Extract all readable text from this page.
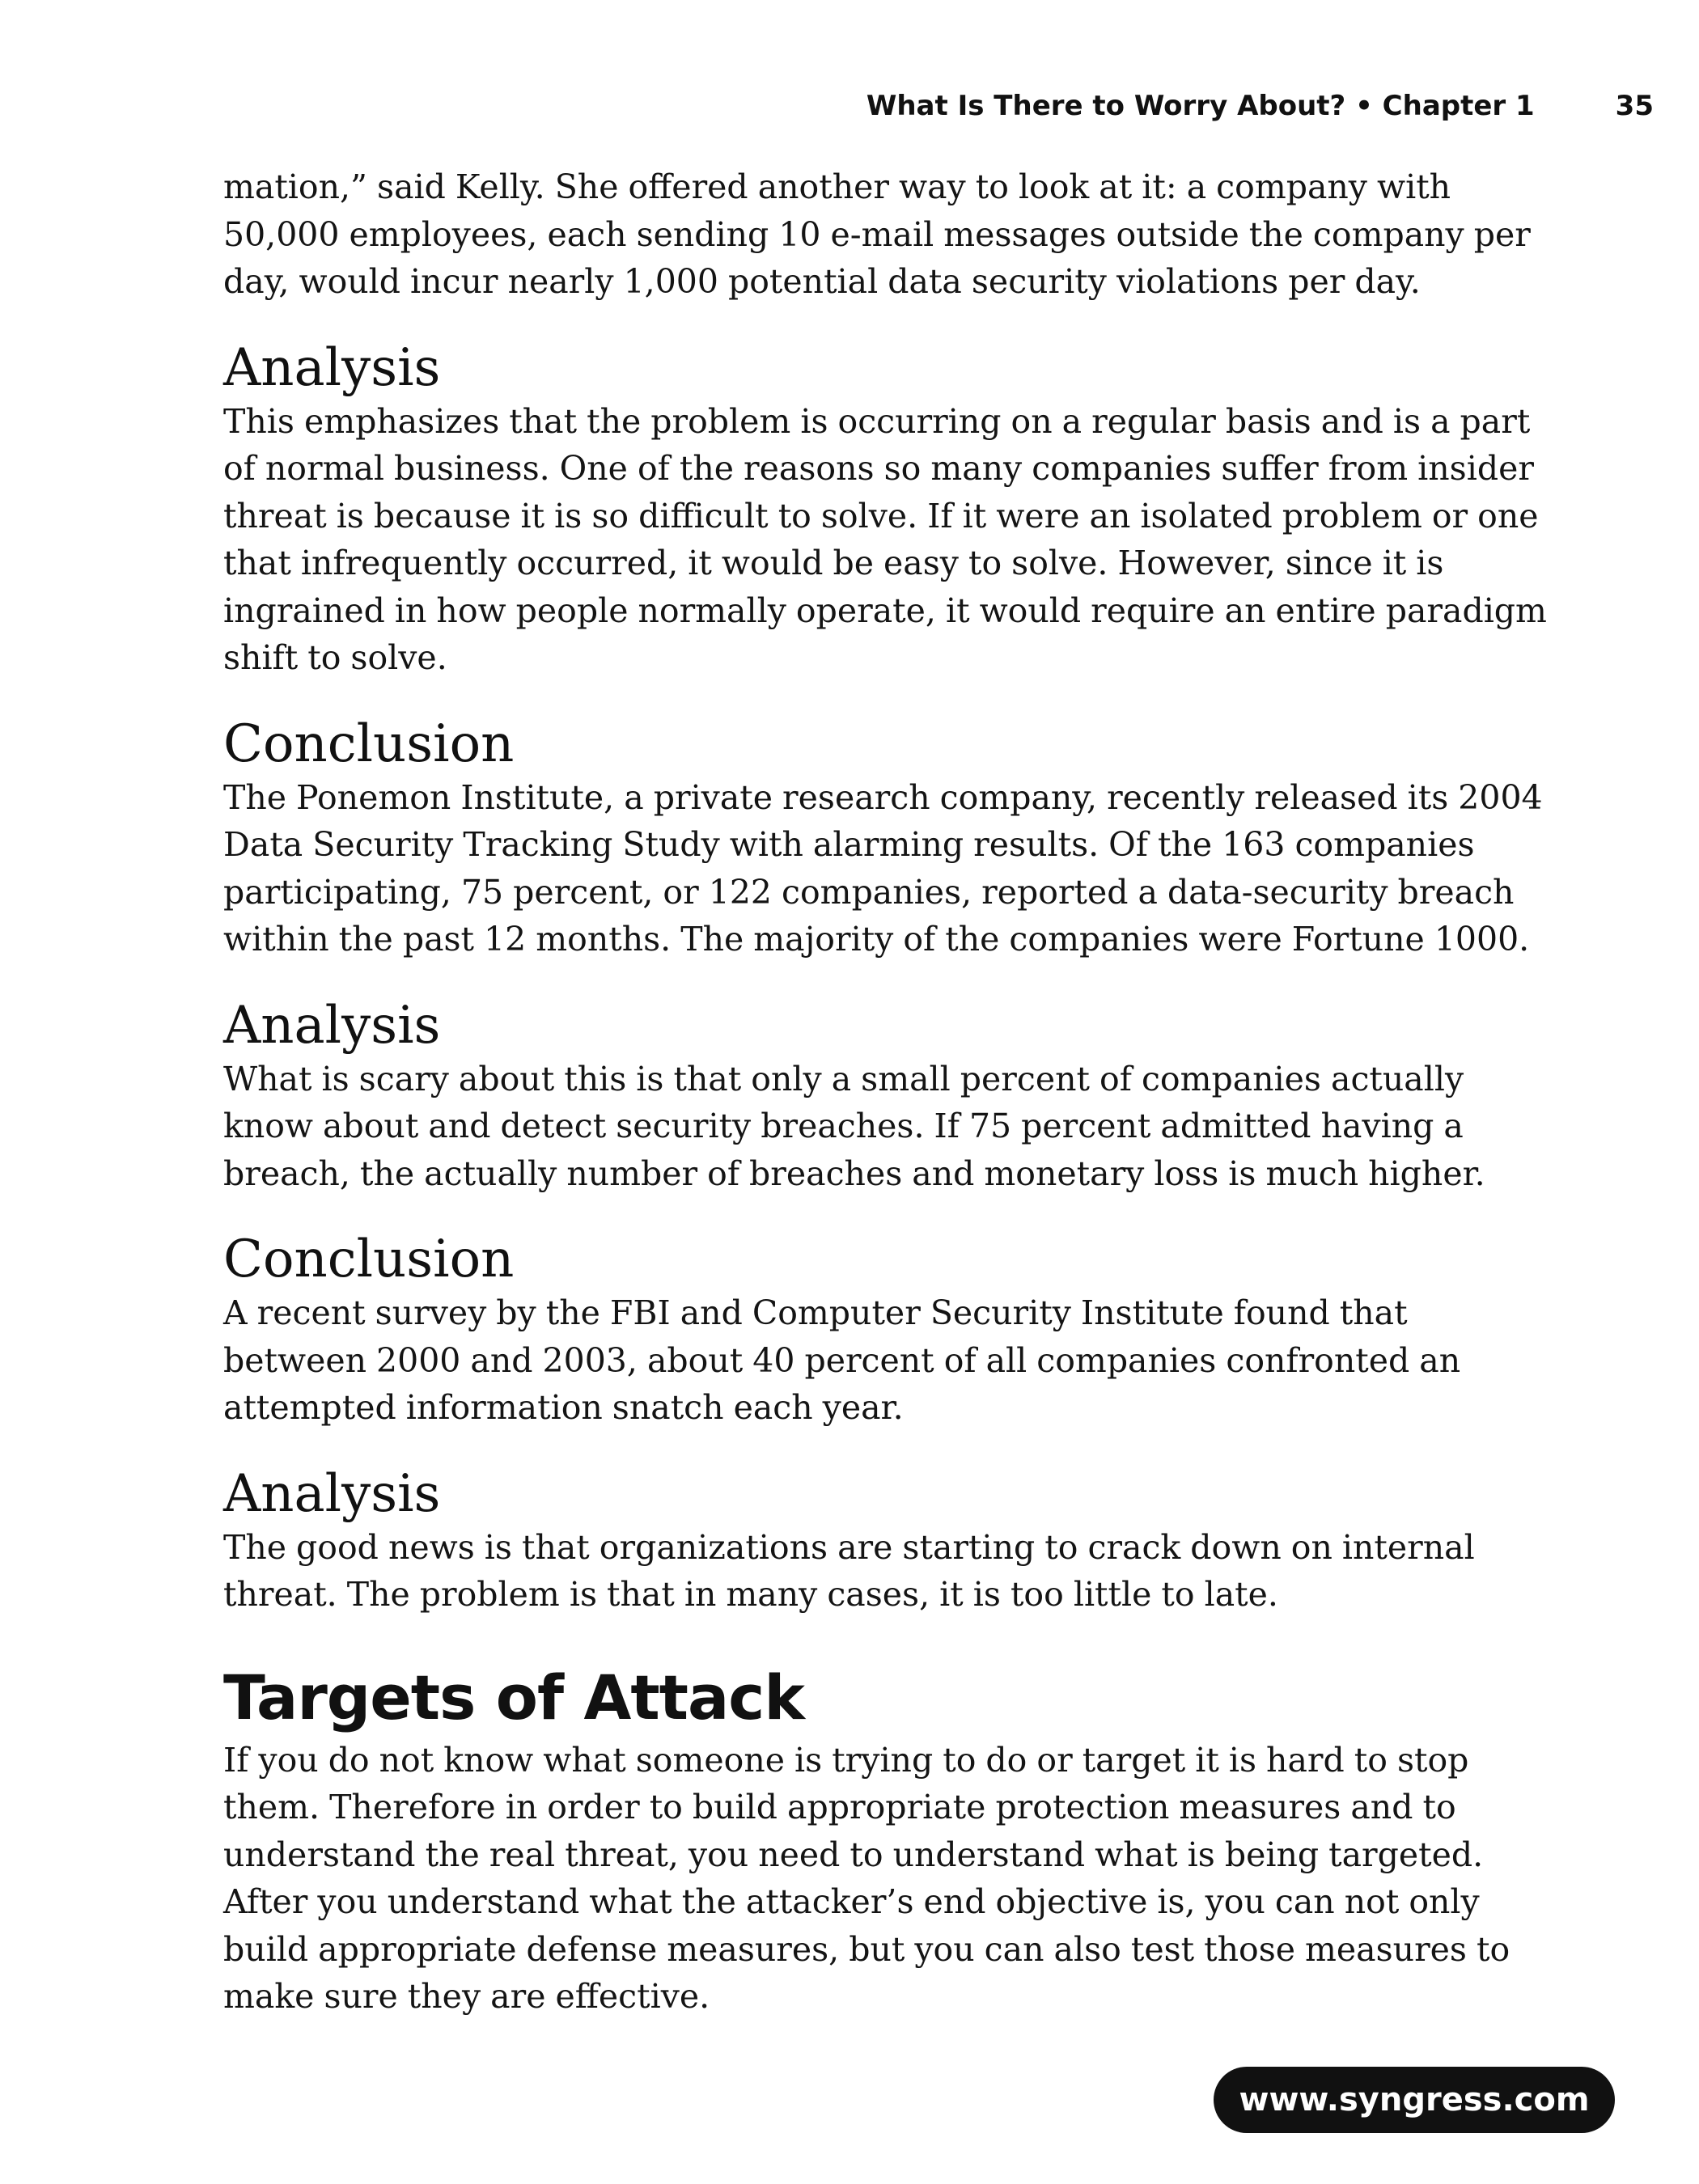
What Is There to Worry About? • Chapter 1	35

mation,” said Kelly. She offered another way to look at it: a company with 50,000 employees, each sending 10 e-mail messages outside the company per day, would incur nearly 1,000 potential data security violations per day.

Analysis

This emphasizes that the problem is occurring on a regular basis and is a part of normal business. One of the reasons so many companies suffer from insider threat is because it is so difficult to solve. If it were an isolated problem or one that infrequently occurred, it would be easy to solve. However, since it is ingrained in how people normally operate, it would require an entire paradigm shift to solve.

Conclusion

The Ponemon Institute, a private research company, recently released its 2004 Data Security Tracking Study with alarming results. Of the 163 companies participating, 75 percent, or 122 companies, reported a data-security breach within the past 12 months. The majority of the companies were Fortune 1000.

Analysis

What is scary about this is that only a small percent of companies actually know about and detect security breaches. If 75 percent admitted having a breach, the actually number of breaches and monetary loss is much higher.

Conclusion

A recent survey by the FBI and Computer Security Institute found that between 2000 and 2003, about 40 percent of all companies confronted an attempted information snatch each year.

Analysis

The good news is that organizations are starting to crack down on internal threat. The problem is that in many cases, it is too little to late.

Targets of Attack

If you do not know what someone is trying to do or target it is hard to stop them. Therefore in order to build appropriate protection measures and to understand the real threat, you need to understand what is being targeted. After you understand what the attacker’s end objective is, you can not only build appropriate defense measures, but you can also test those measures to make sure they are effective.

www.syngress.com
